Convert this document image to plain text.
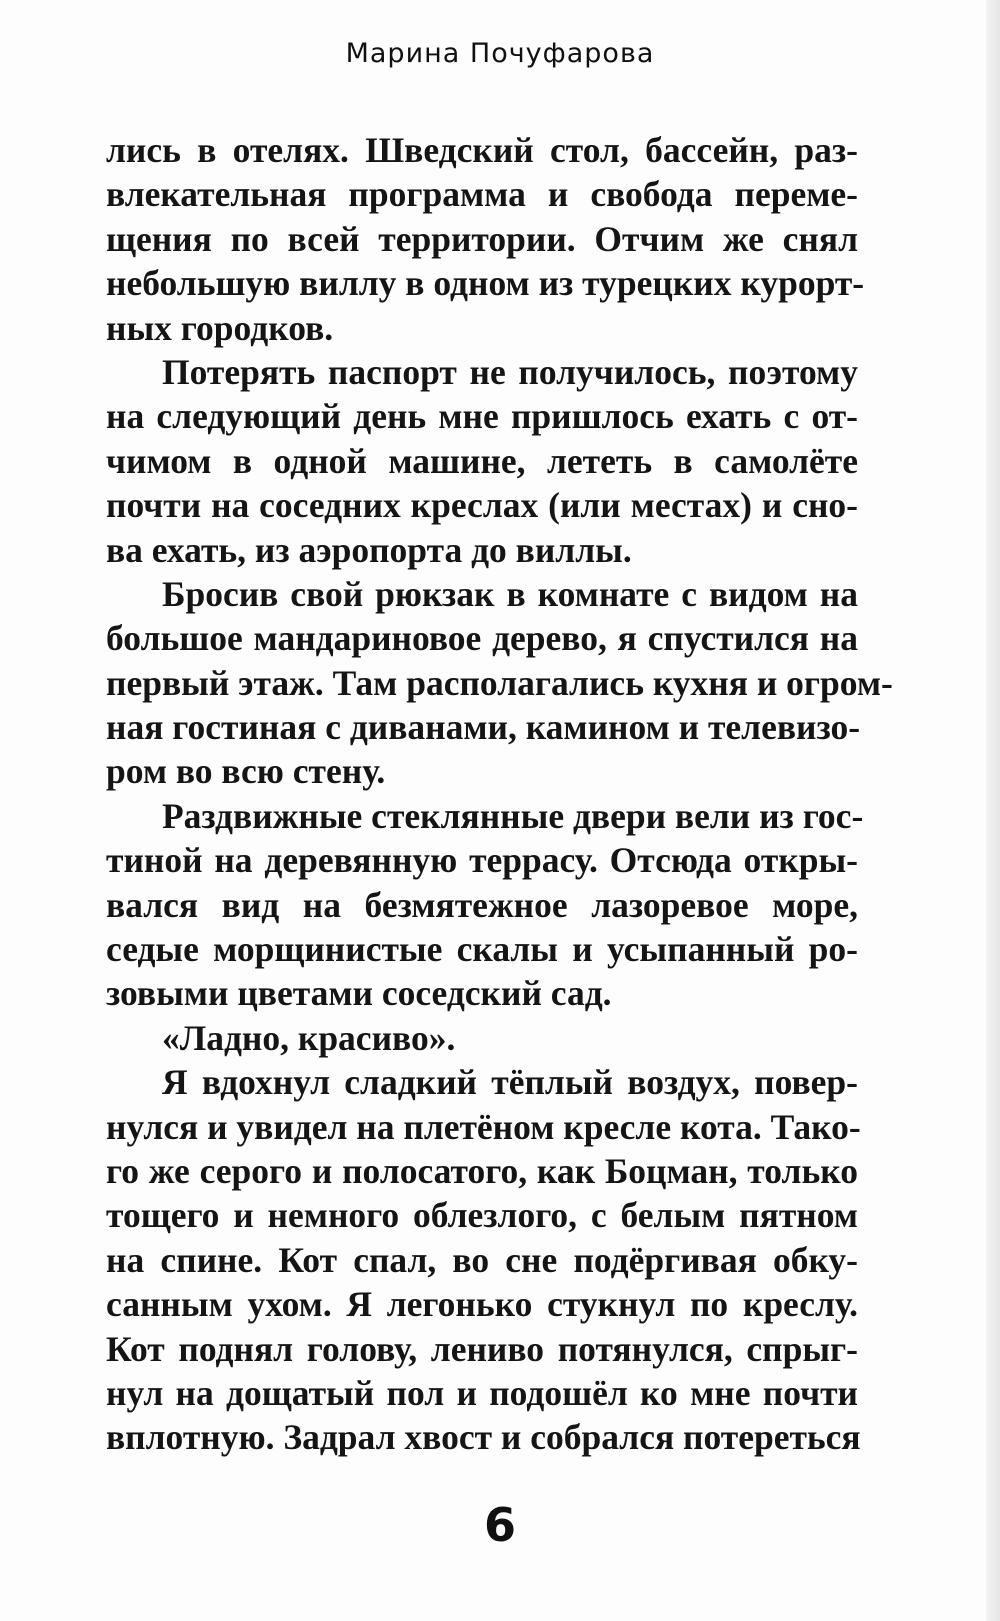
Марина Почуфарова
лись в отелях. Шведский стол, бассейн, раз-
влекательная программа и свобода переме-
щения по всей территории. Отчим же снял
небольшую виллу в одном из турецких курорт-
ных городков.
Потерять паспорт не получилось, поэтому
на следующий день мне пришлось ехать с от-
чимом в одной машине, лететь в самолёте
почти на соседних креслах (или местах) и сно-
ва ехать, из аэропорта до виллы.
Бросив свой рюкзак в комнате с видом на
большое мандариновое дерево, я спустился на
первый этаж. Там располагались кухня и огром-
ная гостиная с диванами, камином и телевизо-
ром во всю стену.
Раздвижные стеклянные двери вели из гос-
тиной на деревянную террасу. Отсюда откры-
вался вид на безмятежное лазоревое море,
седые морщинистые скалы и усыпанный ро-
зовыми цветами соседский сад.
«Ладно, красиво».
Я вдохнул сладкий тёплый воздух, повер-
нулся и увидел на плетёном кресле кота. Тако-
го же серого и полосатого, как Боцман, только
тощего и немного облезлого, с белым пятном
на спине. Кот спал, во сне подёргивая обку-
санным ухом. Я легонько стукнул по креслу.
Кот поднял голову, лениво потянулся, спрыг-
нул на дощатый пол и подошёл ко мне почти
вплотную. Задрал хвост и собрался потереться
6
